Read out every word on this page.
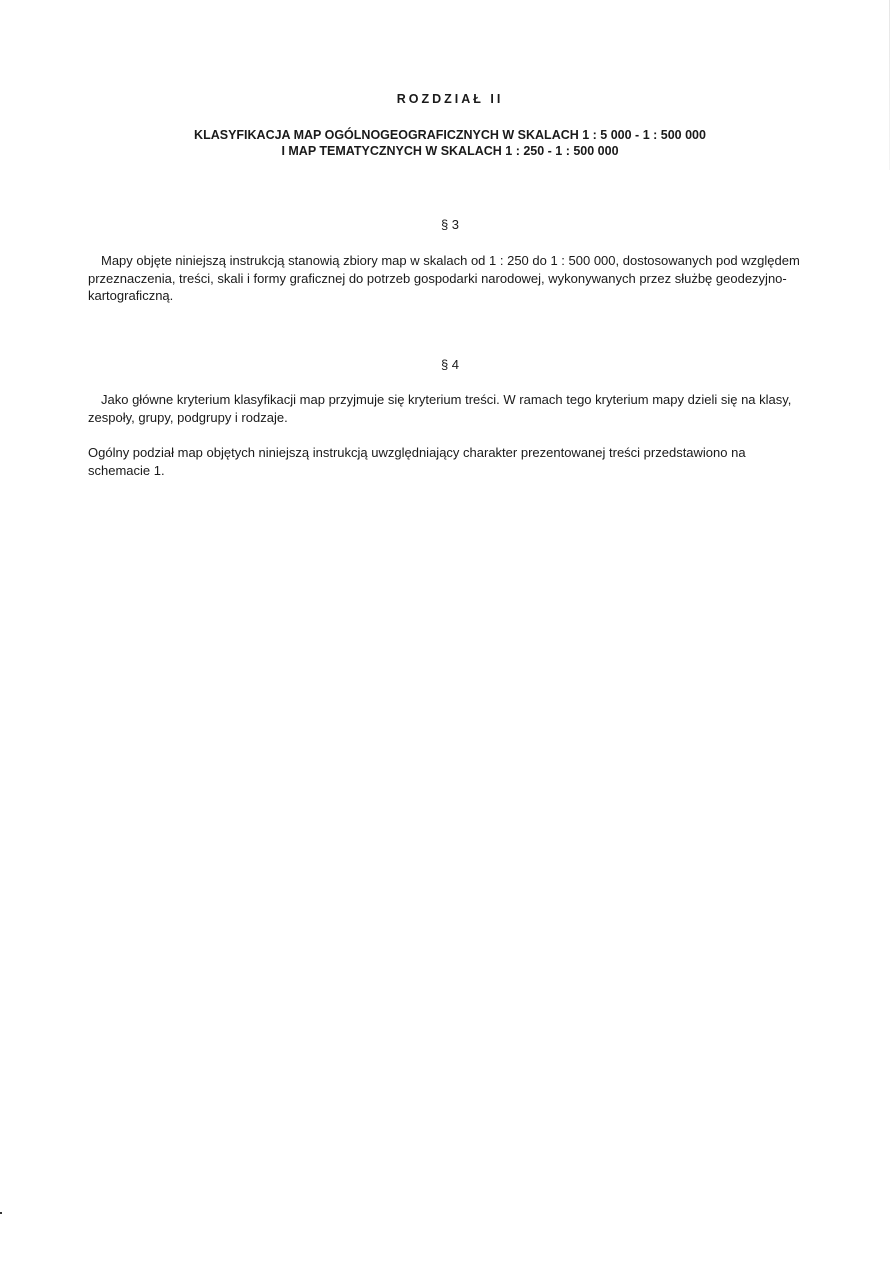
ROZDZIAŁ II
KLASYFIKACJA MAP OGÓLNOGEOGRAFICZNYCH W SKALACH 1 : 5 000 - 1 : 500 000
I MAP TEMATYCZNYCH W SKALACH 1 : 250 - 1 : 500 000
§ 3

Mapy objęte niniejszą instrukcją stanowią zbiory map w skalach od 1 : 250 do 1 : 500 000, dostosowanych pod względem przeznaczenia, treści, skali i formy graficznej do potrzeb gospodarki narodowej, wykonywanych przez służbę geodezyjno-kartograficzną.

§ 4

Jako główne kryterium klasyfikacji map przyjmuje się kryterium treści. W ramach tego kryterium mapy dzieli się na klasy, zespoły, grupy, podgrupy i rodzaje.

Ogólny podział map objętych niniejszą instrukcją uwzględniający charakter prezentowanej treści przedstawiono na schemacie 1.
